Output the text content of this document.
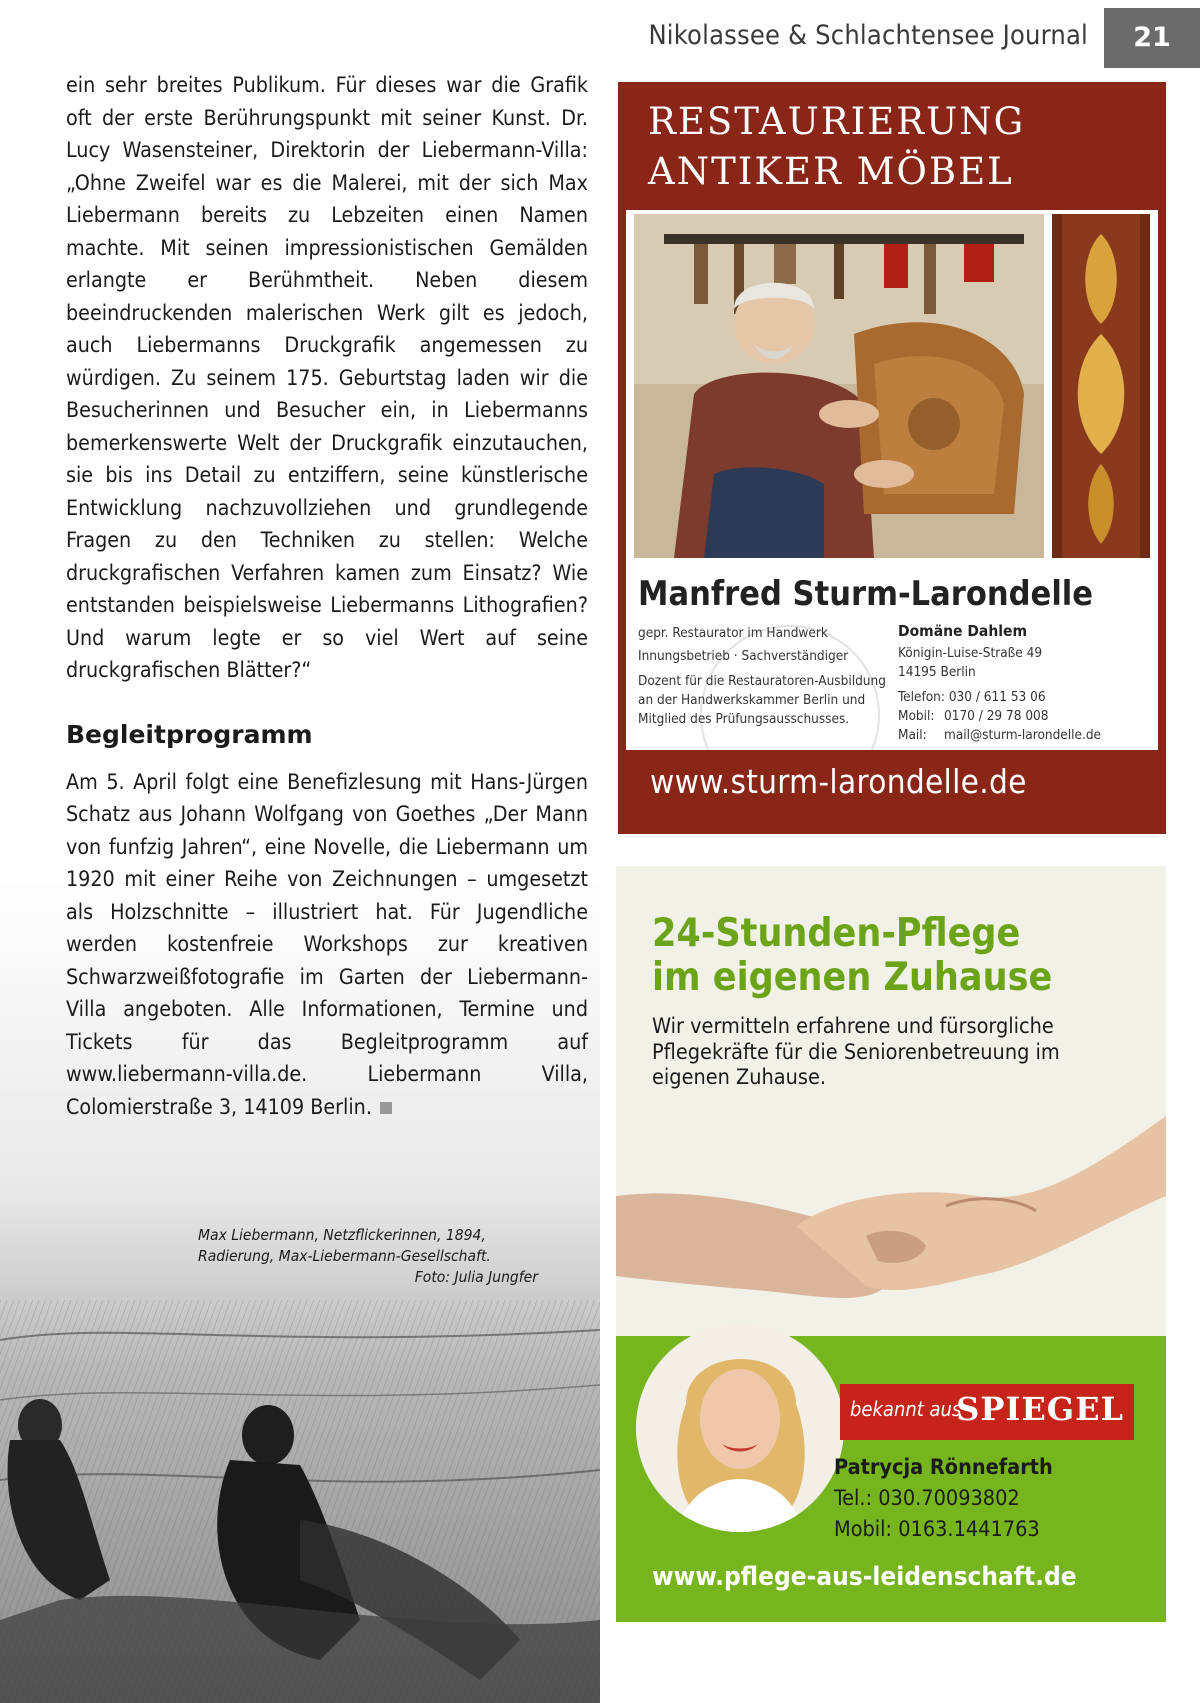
Nikolassee & Schlachtensee Journal	21

ein sehr breites Publikum. Für dieses war die Grafik oft der erste Berührungspunkt mit seiner Kunst. Dr. Lucy Wasensteiner, Direktorin der Liebermann-Villa: „Ohne Zweifel war es die Malerei, mit der sich Max Liebermann bereits zu Lebzeiten einen Namen machte. Mit seinen impressionistischen Gemälden erlangte er Berühmtheit. Neben diesem beeindruckenden malerischen Werk gilt es jedoch, auch Liebermanns Druckgrafik angemessen zu würdigen. Zu seinem 175. Geburtstag laden wir die Besucherinnen und Besucher ein, in Liebermanns bemerkenswerte Welt der Druckgrafik einzutauchen, sie bis ins Detail zu entziffern, seine künstlerische Entwicklung nachzuvollziehen und grundlegende Fragen zu den Techniken zu stellen: Welche druckgrafischen Verfahren kamen zum Einsatz? Wie entstanden beispielsweise Liebermanns Lithografien? Und warum legte er so viel Wert auf seine druckgrafischen Blätter?“

Begleitprogramm

Am 5. April folgt eine Benefizlesung mit Hans-Jürgen Schatz aus Johann Wolfgang von Goethes „Der Mann von funfzig Jahren“, eine Novelle, die Liebermann um 1920 mit einer Reihe von Zeichnungen – umgesetzt als Holzschnitte – illustriert hat. Für Jugendliche werden kostenfreie Workshops zur kreativen Schwarzweißfotografie im Garten der Liebermann-Villa angeboten. Alle Informationen, Termine und Tickets für das Begleitprogramm auf www.liebermann-villa.de. Liebermann Villa, Colomierstraße 3, 14109 Berlin.

Max Liebermann, Netzflickerinnen, 1894,
Radierung, Max-Liebermann-Gesellschaft.
Foto: Julia Jungfer
RESTAURIERUNG
ANTIKER MÖBEL
Manfred Sturm-Larondelle
gepr. Restaurator im Handwerk
Innungsbetrieb · Sachverständiger
Dozent für die Restauratoren-Ausbildung an der Handwerkskammer Berlin und Mitglied des Prüfungsausschusses.
Domäne Dahlem
Königin-Luise-Straße 49
14195 Berlin
Telefon: 030 / 611 53 06
Mobil: 0170 / 29 78 008
Mail: mail@sturm-larondelle.de
www.sturm-larondelle.de
24-Stunden-Pflege
im eigenen Zuhause
Wir vermitteln erfahrene und fürsorgliche Pflegekräfte für die Seniorenbetreuung im eigenen Zuhause.
bekannt aus
SPIEGEL
Patrycja Rönnefarth
Tel.: 030.70093802
Mobil: 0163.1441763
www.pflege-aus-leidenschaft.de
